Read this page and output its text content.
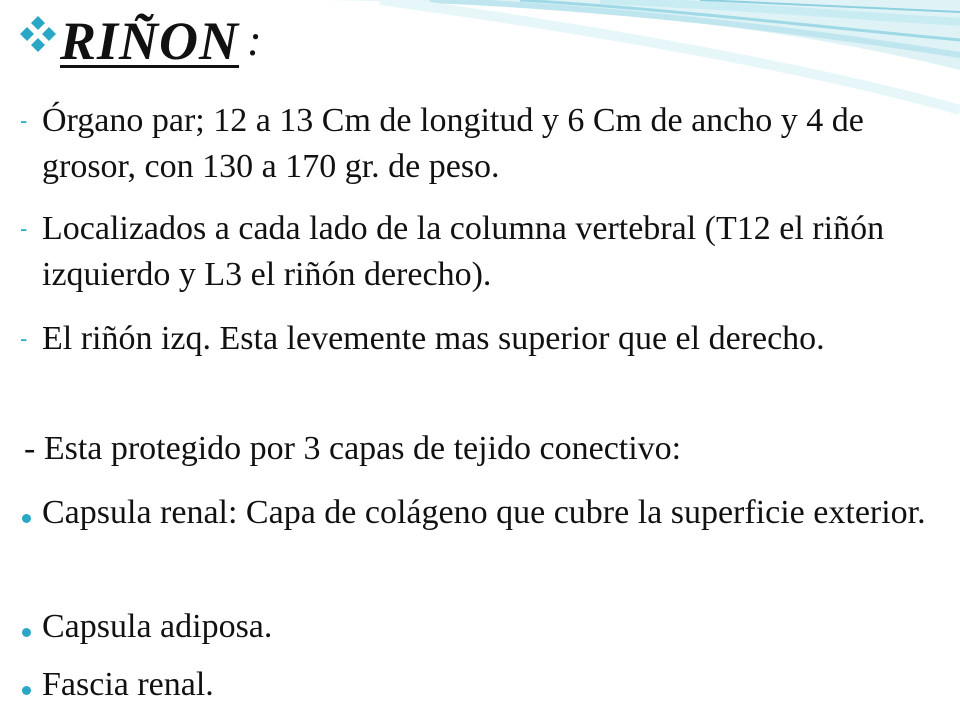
RIÑON :
- Órgano par; 12 a 13 Cm de longitud y 6 Cm de ancho y 4 de grosor, con 130 a 170 gr. de peso.
- Localizados a cada lado de la columna vertebral (T12 el riñón izquierdo y L3 el riñón derecho).
- El riñón izq. Esta levemente mas superior que el derecho.
- Esta protegido por 3 capas de tejido conectivo:
Capsula renal: Capa de colágeno que cubre la superficie exterior.
Capsula adiposa.
Fascia renal.
